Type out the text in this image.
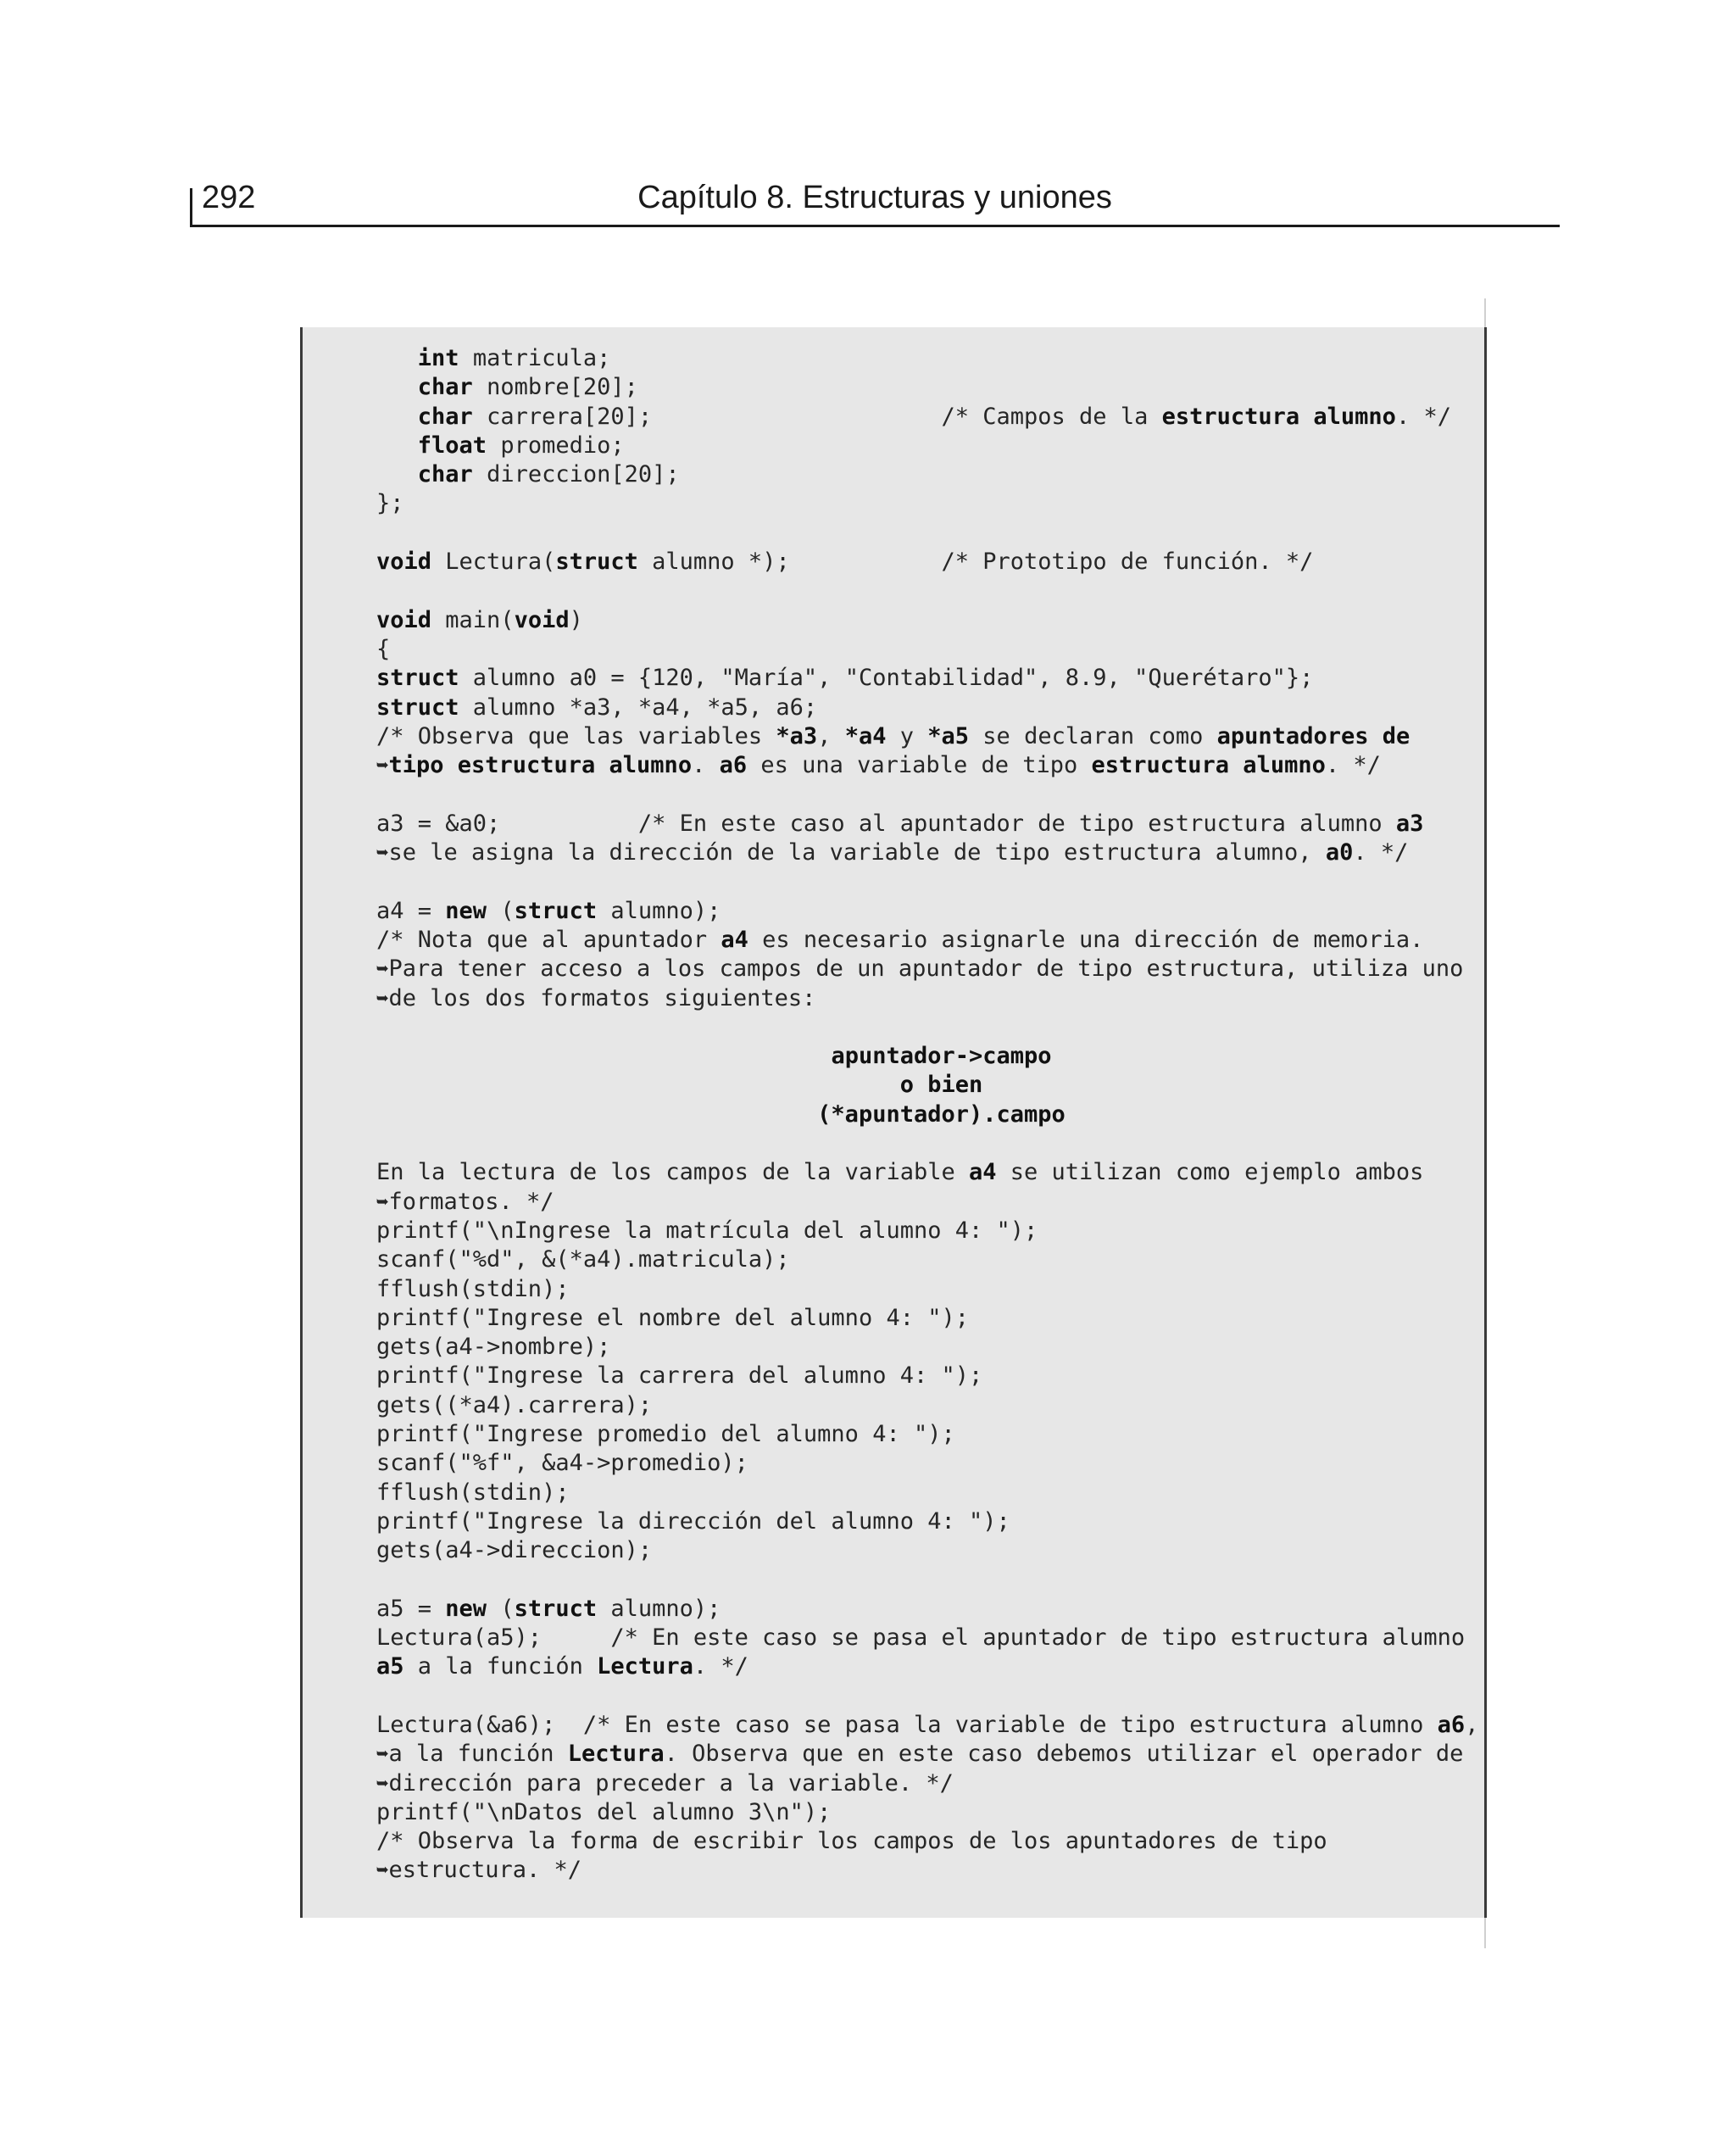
292	Capítulo 8. Estructuras y uniones
int matricula;
char nombre[20];
char carrera[20];                     /* Campos de la estructura alumno. */
float promedio;
char direccion[20];
};
void Lectura(struct alumno *);           /* Prototipo de función. */
void main(void)
{
struct alumno a0 = {120, "María", "Contabilidad", 8.9, "Querétaro"};
struct alumno *a3, *a4, *a5, a6;
/* Observa que las variables *a3, *a4 y *a5 se declaran como apuntadores de
➥tipo estructura alumno. a6 es una variable de tipo estructura alumno. */
a3 = &a0;          /* En este caso al apuntador de tipo estructura alumno a3
➥se le asigna la dirección de la variable de tipo estructura alumno, a0. */
a4 = new (struct alumno);
/* Nota que al apuntador a4 es necesario asignarle una dirección de memoria.
➥Para tener acceso a los campos de un apuntador de tipo estructura, utiliza uno
➥de los dos formatos siguientes:
apuntador->campo
o bien
(*apuntador).campo
En la lectura de los campos de la variable a4 se utilizan como ejemplo ambos
➥formatos. */
printf("\nIngrese la matrícula del alumno 4: ");
scanf("%d", &(*a4).matricula);
fflush(stdin);
printf("Ingrese el nombre del alumno 4: ");
gets(a4->nombre);
printf("Ingrese la carrera del alumno 4: ");
gets((*a4).carrera);
printf("Ingrese promedio del alumno 4: ");
scanf("%f", &a4->promedio);
fflush(stdin);
printf("Ingrese la dirección del alumno 4: ");
gets(a4->direccion);
a5 = new (struct alumno);
Lectura(a5);     /* En este caso se pasa el apuntador de tipo estructura alumno
a5 a la función Lectura. */
Lectura(&a6);  /* En este caso se pasa la variable de tipo estructura alumno a6,
➥a la función Lectura. Observa que en este caso debemos utilizar el operador de
➥dirección para preceder a la variable. */
printf("\nDatos del alumno 3\n");
/* Observa la forma de escribir los campos de los apuntadores de tipo
➥estructura. */
